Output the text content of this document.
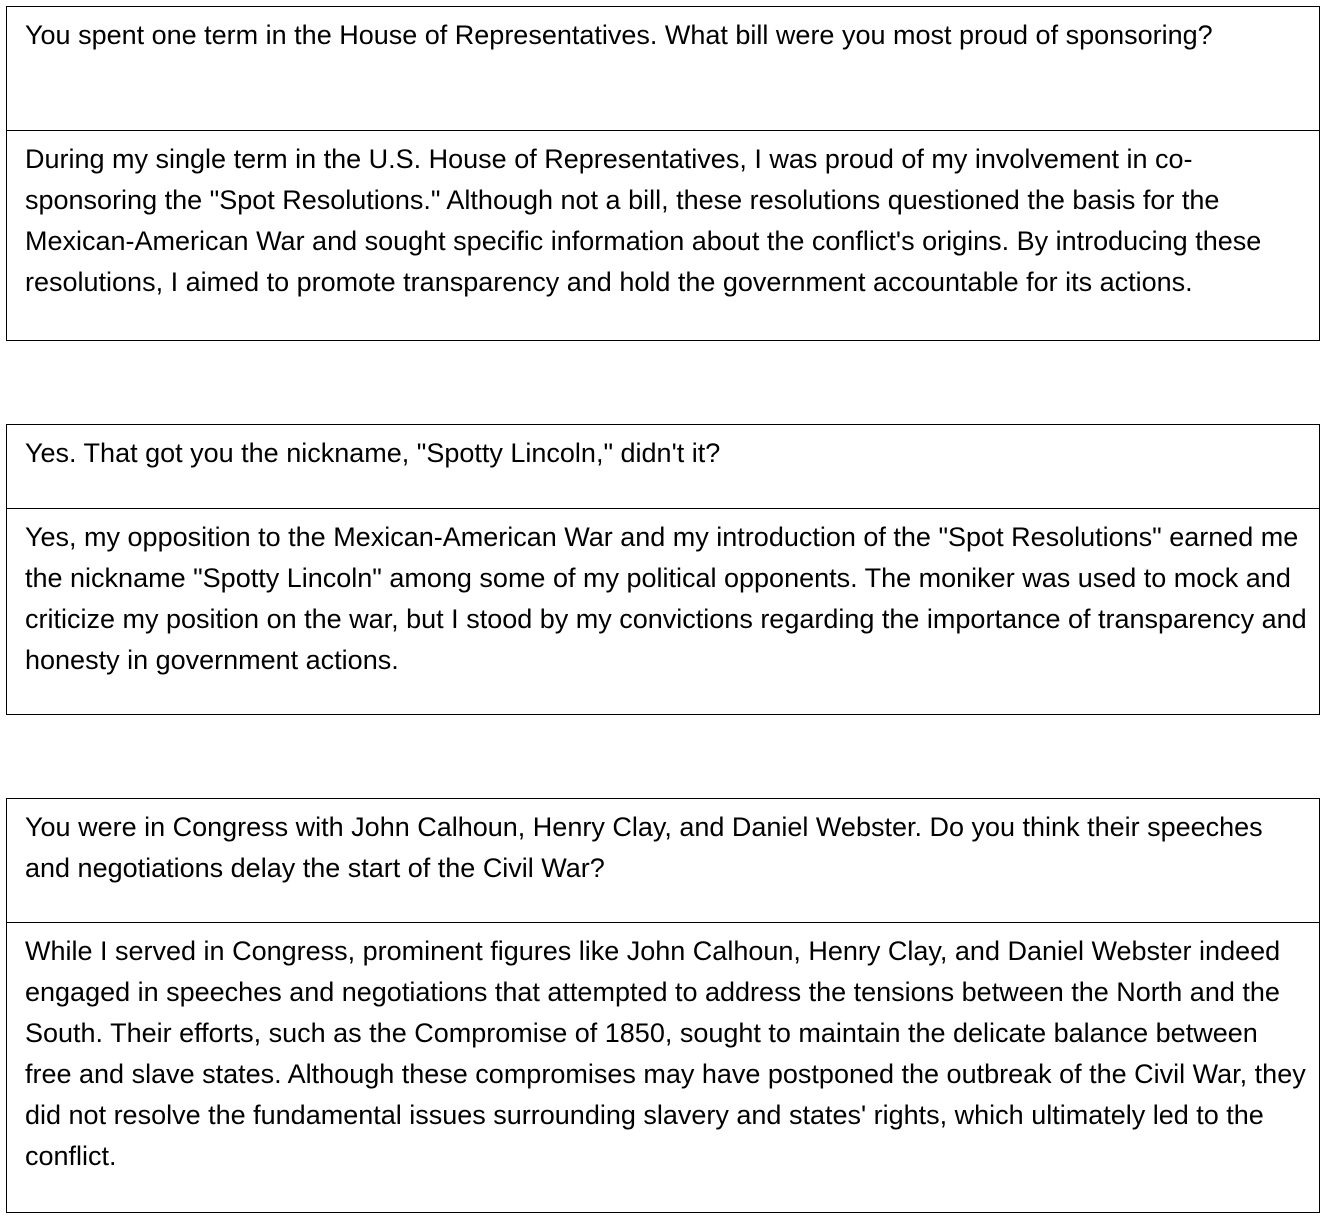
You spent one term in the House of Representatives. What bill were you most proud of sponsoring?
During my single term in the U.S. House of Representatives, I was proud of my involvement in co-sponsoring the "Spot Resolutions." Although not a bill, these resolutions questioned the basis for the Mexican-American War and sought specific information about the conflict's origins. By introducing these resolutions, I aimed to promote transparency and hold the government accountable for its actions.
Yes. That got you the nickname, "Spotty Lincoln," didn't it?
Yes, my opposition to the Mexican-American War and my introduction of the "Spot Resolutions" earned me the nickname "Spotty Lincoln" among some of my political opponents. The moniker was used to mock and criticize my position on the war, but I stood by my convictions regarding the importance of transparency and honesty in government actions.
You were in Congress with John Calhoun, Henry Clay, and Daniel Webster. Do you think their speeches and negotiations delay the start of the Civil War?
While I served in Congress, prominent figures like John Calhoun, Henry Clay, and Daniel Webster indeed engaged in speeches and negotiations that attempted to address the tensions between the North and the South. Their efforts, such as the Compromise of 1850, sought to maintain the delicate balance between free and slave states. Although these compromises may have postponed the outbreak of the Civil War, they did not resolve the fundamental issues surrounding slavery and states' rights, which ultimately led to the conflict.
